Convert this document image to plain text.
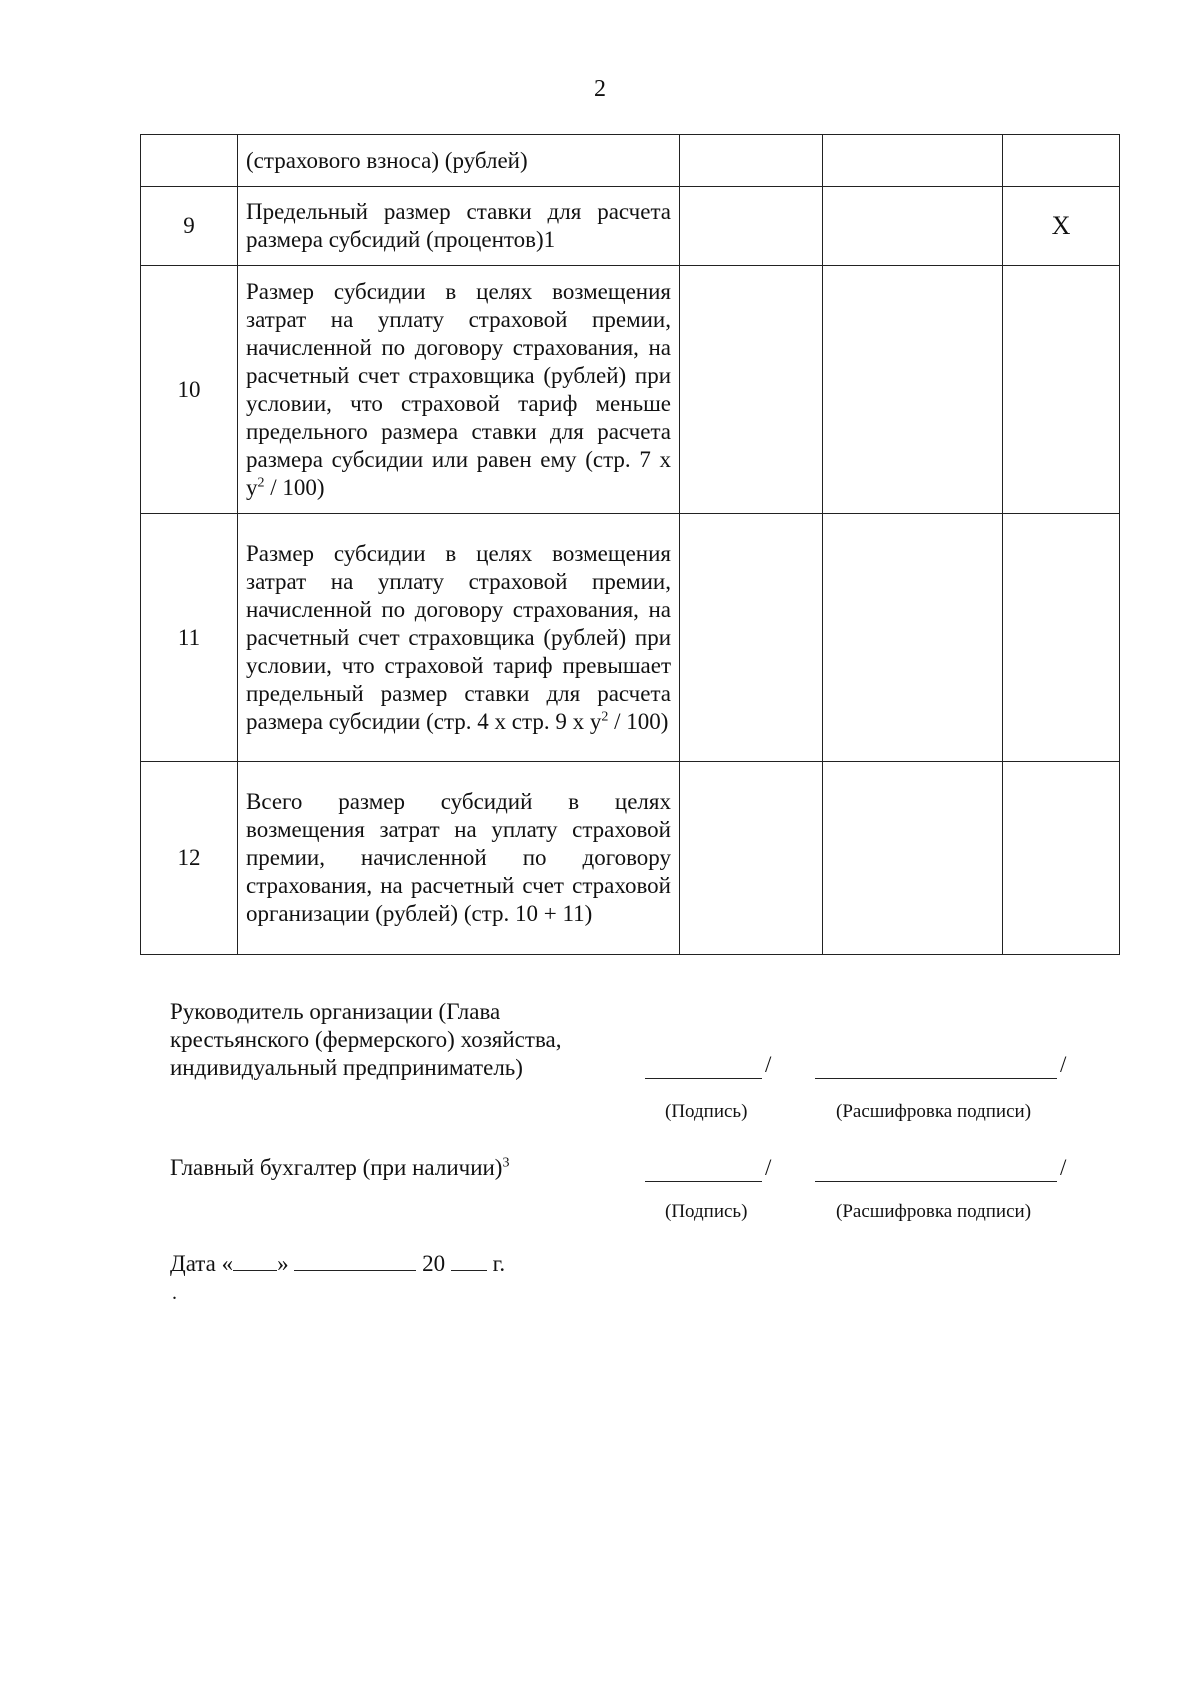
2
	(страхового взноса) (рублей)			
9	Предельный размер ставки для расчета размера субсидий (процентов)1			X
10	Размер субсидии в целях возмещения затрат на уплату страховой премии, начисленной по договору страхования, на расчетный счет страховщика (рублей) при условии, что страховой тариф меньше предельного размера ставки для расчета размера субсидии или равен ему (стр. 7 x $y^2 / 100$)			
11	Размер субсидии в целях возмещения затрат на уплату страховой премии, начисленной по договору страхования, на расчетный счет страховщика (рублей) при условии, что страховой тариф превышает предельный размер ставки для расчета размера субсидии (стр. 4 x стр. 9 x $y^2 / 100$)			
12	Всего размер субсидий в целях возмещения затрат на уплату страховой премии, начисленной по договору страхования, на расчетный счет страховой организации (рублей) (стр. 10 + 11)			
Руководитель организации (Глава
крестьянского (фермерского) хозяйства,
индивидуальный предприниматель)	/	/
(Подпись)	(Расшифровка подписи)
Главный бухгалтер (при наличии)$^3$	/	/
(Подпись)	(Расшифровка подписи)
Дата « »	20 г.
.
